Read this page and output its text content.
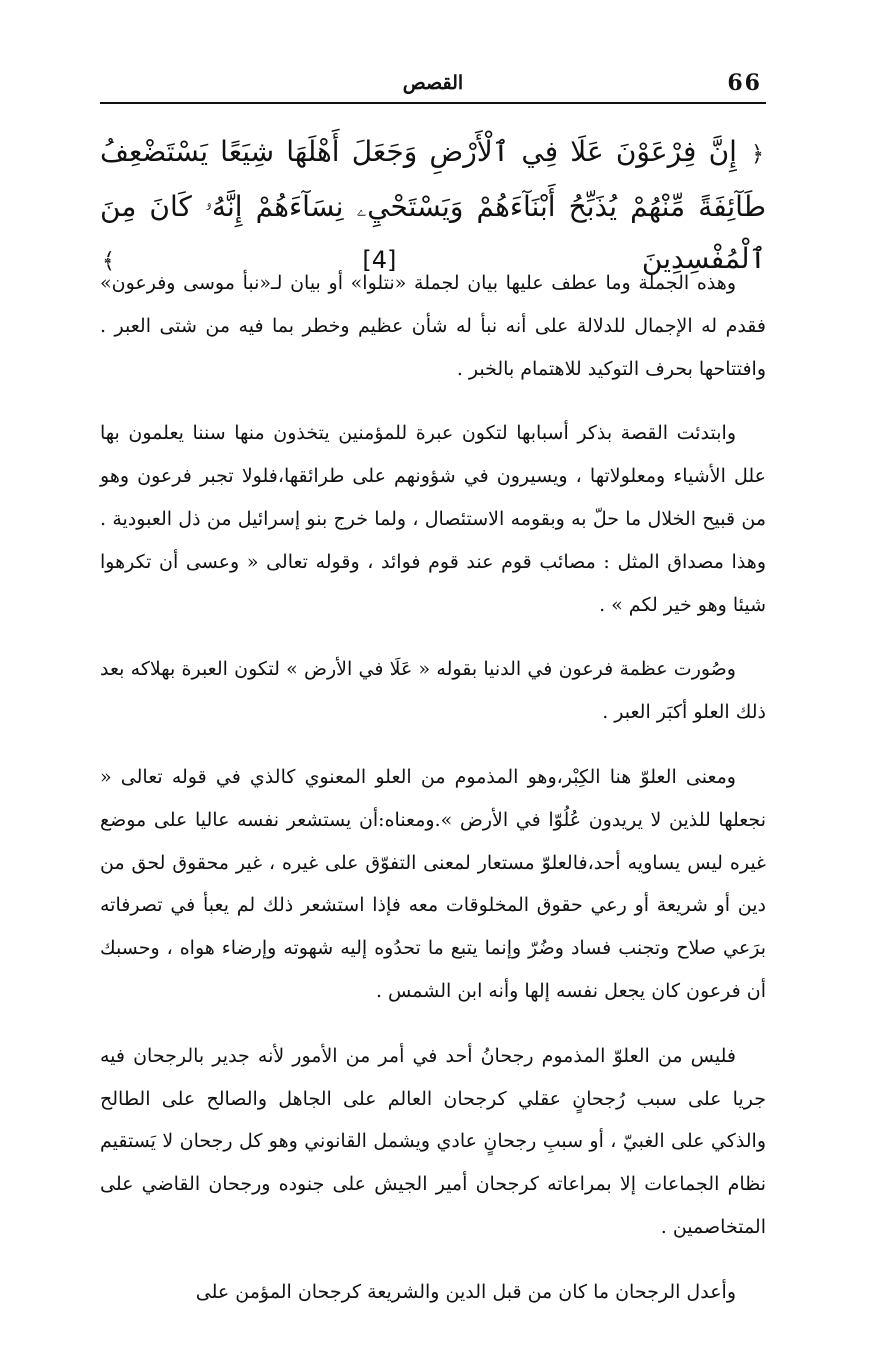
66
القصص
﴿ إِنَّ فِرْعَوْنَ عَلَا فِي ٱلْأَرْضِ وَجَعَلَ أَهْلَهَا شِيَعًا يَسْتَضْعِفُ طَآئِفَةً مِّنْهُمْ يُذَبِّحُ أَبْنَآءَهُمْ وَيَسْتَحْيِۦ نِسَآءَهُمْ إِنَّهُۥ كَانَ مِنَ ٱلْمُفْسِدِينَ [4] ﴾

وهذه الجملة وما عطف عليها بيان لجملة «نتلوا» أو بيان لـ«نبأ موسى وفرعون» فقدم له الإجمال للدلالة على أنه نبأ له شأن عظيم وخطر بما فيه من شتى العبر . وافتتاحها بحرف التوكيد للاهتمام بالخبر .

وابتدئت القصة بذكر أسبابها لتكون عبرة للمؤمنين يتخذون منها سننا يعلمون بها علل الأشياء ومعلولاتها ، ويسيرون في شؤونهم على طرائقها،فلولا تجبر فرعون وهو من قبيح الخلال ما حلّ به وبقومه الاستئصال ، ولما خرج بنو إسرائيل من ذل العبودية . وهذا مصداق المثل : مصائب قوم عند قوم فوائد ، وقوله تعالى « وعسى أن تكرهوا شيئا وهو خير لكم » .

وصُورت عظمة فرعون في الدنيا بقوله « عَلَا في الأرض » لتكون العبرة بهلاكه بعد ذلك العلو أكبَر العبر .

ومعنى العلوّ هنا الكِبْر،وهو المذموم من العلو المعنوي كالذي في قوله تعالى « نجعلها للذين لا يريدون عُلُوّا في الأرض ».ومعناه:أن يستشعر نفسه عاليا على موضع غيره ليس يساويه أحد،فالعلوّ مستعار لمعنى التفوّق على غيره ، غير محقوق لحق من دين أو شريعة أو رعي حقوق المخلوقات معه فإذا استشعر ذلك لم يعبأ في تصرفاته برَعي صلاح وتجنب فساد وضُرّ وإنما يتبع ما تحدُوه إليه شهوته وإرضاء هواه ، وحسبك أن فرعون كان يجعل نفسه إلها وأنه ابن الشمس .

فليس من العلوّ المذموم رجحانُ أحد في أمر من الأمور لأنه جدير بالرجحان فيه جريا على سبب رُجحانٍ عقلي كرجحان العالم على الجاهل والصالح على الطالح والذكي على الغبيّ ، أو سببِ رجحانٍ عادي ويشمل القانوني وهو كل رجحان لا يَستقيم نظام الجماعات إلا بمراعاته كرجحان أمير الجيش على جنوده ورجحان القاضي على المتخاصمين .

وأعدل الرجحان ما كان من قبل الدين والشريعة كرجحان المؤمن على
